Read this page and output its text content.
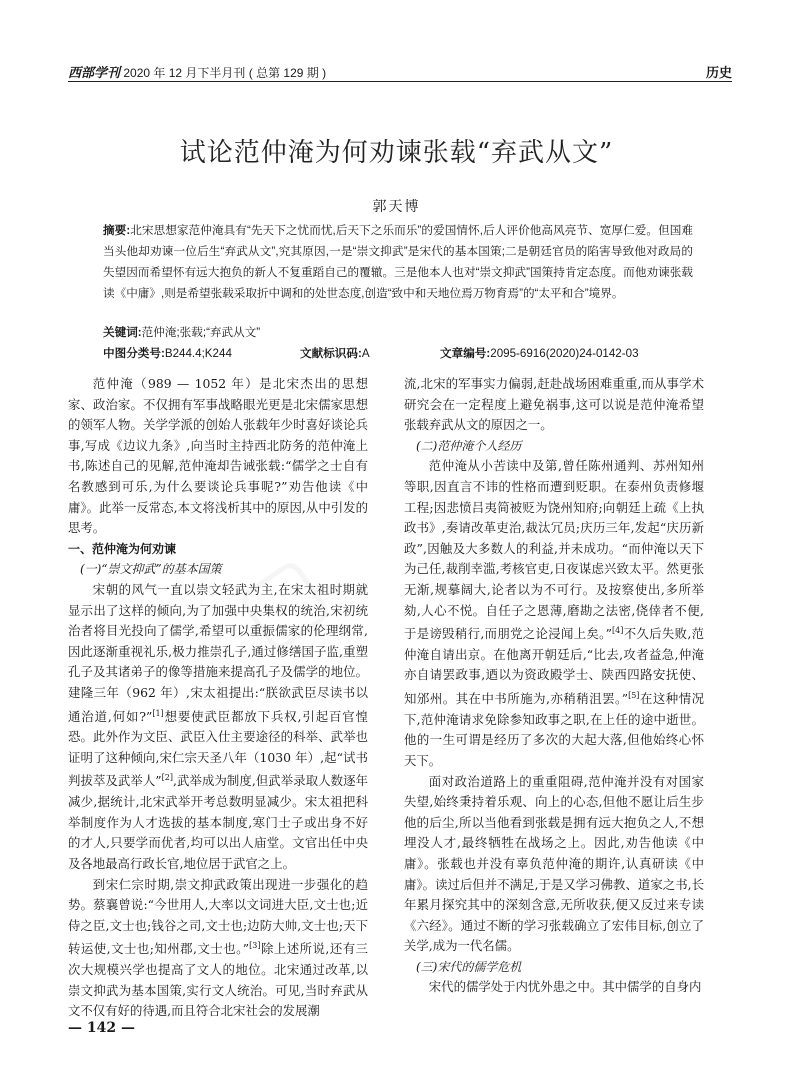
西部学刊 2020 年 12 月下半月刊 ( 总第 129 期 )	历史
试论范仲淹为何劝谏张载“弃武从文”
郭天博
摘要:北宋思想家范仲淹具有“先天下之忧而忧,后天下之乐而乐”的爱国情怀,后人评价他高风亮节、宽厚仁爱。但国难当头他却劝谏一位后生“弃武从文”,究其原因,一是“崇文抑武”是宋代的基本国策;二是朝廷官员的陷害导致他对政局的失望因而希望怀有远大抱负的新人不复重蹈自己的覆辙。三是他本人也对“崇文抑武”国策持肯定态度。而他劝谏张载读《中庸》,则是希望张载采取折中调和的处世态度,创造“致中和天地位焉万物育焉”的“太平和合”境界。
关键词:范仲淹;张载;“弃武从文”
中图分类号:B244.4;K244	文献标识码:A	文章编号:2095-6916(2020)24-0142-03

范仲淹（989 — 1052 年）是北宋杰出的思想家、政治家。不仅拥有军事战略眼光更是北宋儒家思想的领军人物。关学学派的创始人张载年少时喜好谈论兵事,写成《边议九条》,向当时主持西北防务的范仲淹上书,陈述自己的见解,范仲淹却告诫张载:“儒学之士自有名教感到可乐,为什么要谈论兵事呢?”劝告他读《中庸》。此举一反常态,本文将浅析其中的原因,从中引发的思考。

一、范仲淹为何劝谏

(一)“崇文抑武”的基本国策

宋朝的风气一直以崇文轻武为主,在宋太祖时期就显示出了这样的倾向,为了加强中央集权的统治,宋初统治者将目光投向了儒学,希望可以重振儒家的伦理纲常,因此逐渐重视礼乐,极力推崇孔子,通过修缮国子监,重塑孔子及其诸弟子的像等措施来提高孔子及儒学的地位。建隆三年（962 年）,宋太祖提出:“朕欲武臣尽读书以通治道,何如?”[1]想要使武臣都放下兵权,引起百官惶恐。此外作为文臣、武臣入仕主要途径的科举、武举也证明了这种倾向,宋仁宗天圣八年（1030 年）,起“试书判拔萃及武举人”[2],武举成为制度,但武举录取人数逐年减少,据统计,北宋武举开考总数明显减少。宋太祖把科举制度作为人才选拔的基本制度,寒门士子或出身不好的才人,只要学而优者,均可以出人庙堂。文官出任中央及各地最高行政长官,地位居于武官之上。

到宋仁宗时期,崇文抑武政策出现进一步强化的趋势。蔡襄曾说:“今世用人,大率以文词进大臣,文士也;近侍之臣,文士也;钱谷之司,文士也;边防大帅,文士也;天下转运使,文士也;知州郡,文士也。”[3]除上述所说,还有三次大规模兴学也提高了文人的地位。北宋通过改革,以崇文抑武为基本国策,实行文人统治。可见,当时弃武从文不仅有好的待遇,而且符合北宋社会的发展潮

流,北宋的军事实力偏弱,赶赴战场困难重重,而从事学术研究会在一定程度上避免祸事,这可以说是范仲淹希望张载弃武从文的原因之一。

(二)范仲淹个人经历

范仲淹从小苦读中及第,曾任陈州通判、苏州知州等职,因直言不讳的性格而遭到贬职。在泰州负责修堰工程;因悲愤吕夷简被贬为饶州知府;向朝廷上疏《上执政书》,奏请改革吏治,裁汰冗员;庆历三年,发起“庆历新政”,因触及大多数人的利益,并未成功。“而仲淹以天下为己任,裁削幸滥,考核官吏,日夜谋虑兴致太平。然更张无渐,规摹阔大,论者以为不可行。及按察使出,多所举劾,人心不悦。自任子之恩薄,磨勘之法密,侥倖者不便,于是谤毁稍行,而朋党之论浸闻上矣。”[4]不久后失败,范仲淹自请出京。在他离开朝廷后,“比去,攻者益急,仲淹亦自请罢政事,迺以为资政殿学士、陕西四路安抚使、知邠州。其在中书所施为,亦稍稍沮罢。”[5]在这种情况下,范仲淹请求免除参知政事之职,在上任的途中逝世。他的一生可谓是经历了多次的大起大落,但他始终心怀天下。

面对政治道路上的重重阻碍,范仲淹并没有对国家失望,始终秉持着乐观、向上的心态,但他不愿让后生步他的后尘,所以当他看到张载是拥有远大抱负之人,不想埋没人才,最终牺牲在战场之上。因此,劝告他读《中庸》。张载也并没有辜负范仲淹的期许,认真研读《中庸》。读过后但并不满足,于是又学习佛教、道家之书,长年累月探究其中的深刻含意,无所收获,便又反过来专读《六经》。通过不断的学习张载确立了宏伟目标,创立了关学,成为一代名儒。

(三)宋代的儒学危机

宋代的儒学处于内忧外患之中。其中儒学的自身内

— 142 —
